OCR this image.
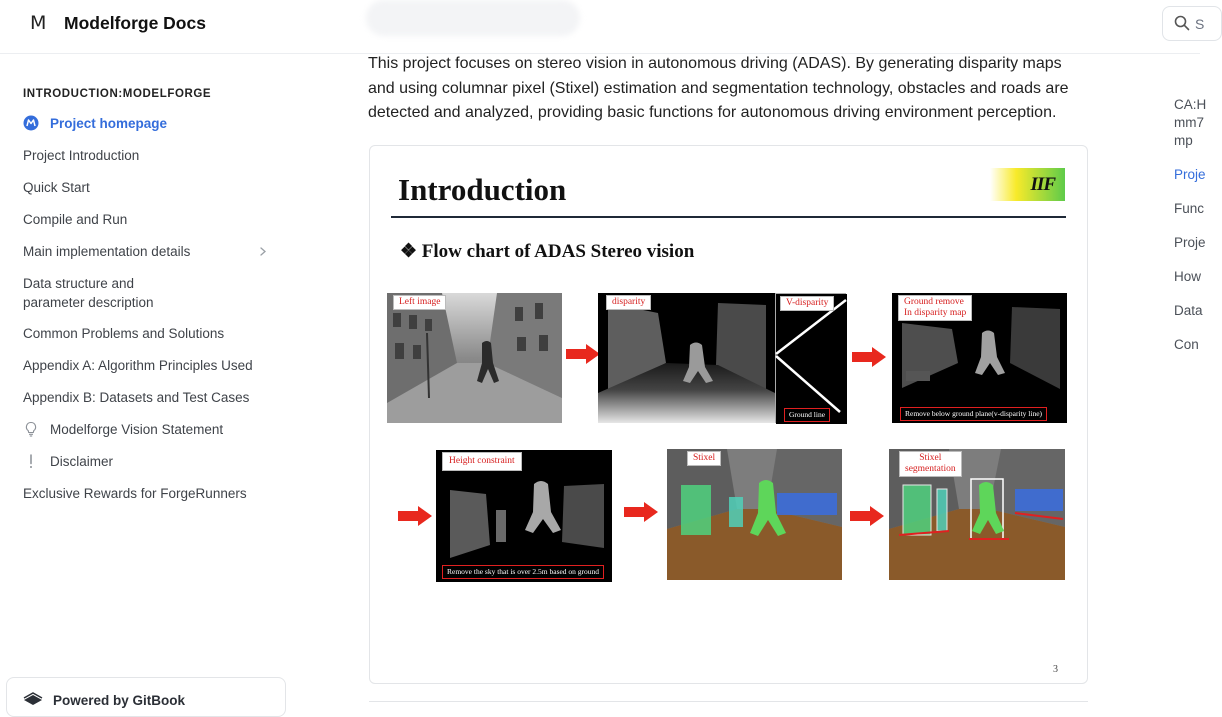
M Modelforge Docs	S
INTRODUCTION:MODELFORGE
Project homepage
Project Introduction
Quick Start
Compile and Run
Main implementation details
Data structure and parameter description
Common Problems and Solutions
Appendix A: Algorithm Principles Used
Appendix B: Datasets and Test Cases
Modelforge Vision Statement
Disclaimer
Exclusive Rewards for ForgeRunners
Powered by GitBook

This project focuses on stereo vision in autonomous driving (ADAS). By generating disparity maps and using columnar pixel (Stixel) estimation and segmentation technology, obstacles and roads are detected and analyzed, providing basic functions for autonomous driving environment perception.

Introduction	IIF
❖ Flow chart of ADAS Stereo vision
Left image	disparity	V-disparity
Ground line
Ground remove
In disparity map
Remove below ground plane(v-disparity line)
Height constraint
Remove the sky that is over 2.5m based on ground
Stixel	Stixel
segmentation
3
CA:H
mm7
mp
Proje
Func
Proje
How
Data
Con
